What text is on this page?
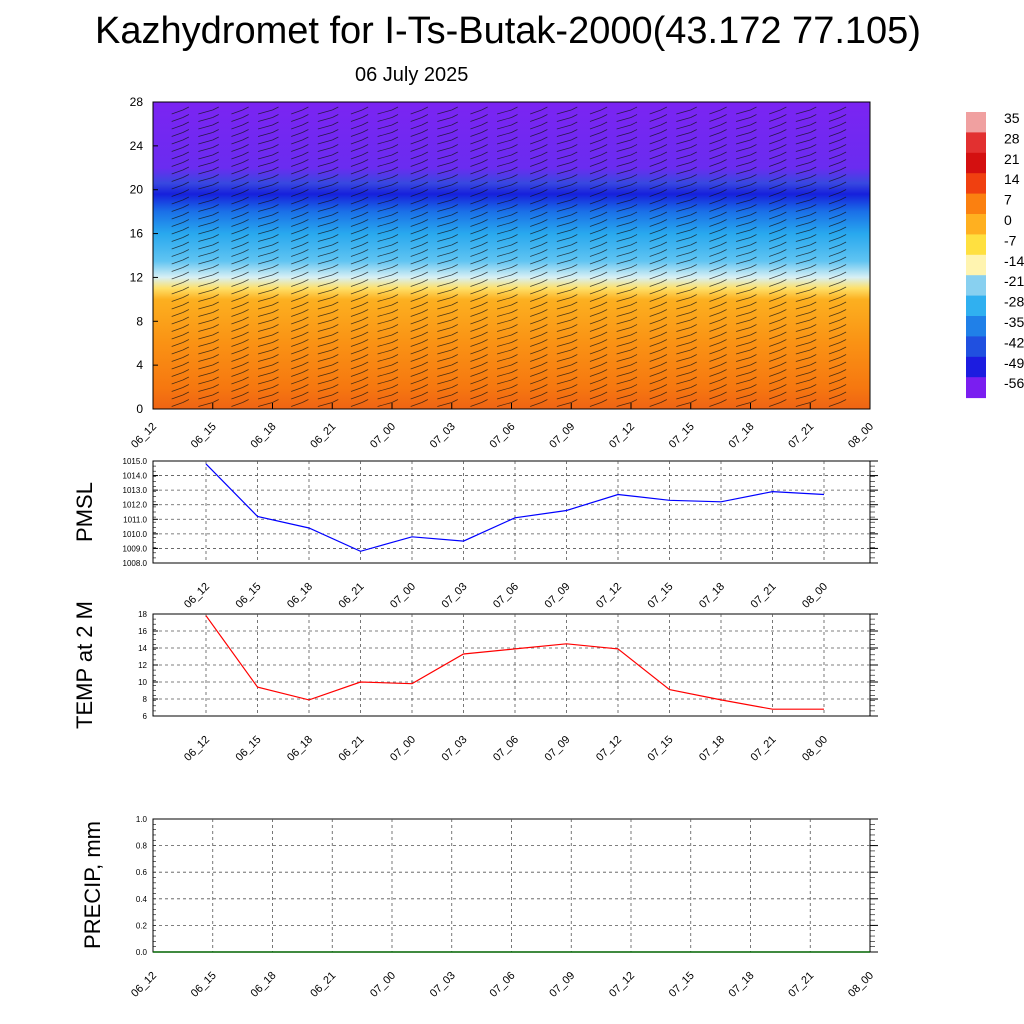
Kazhydromet for I-Ts-Butak-2000(43.172 77.105)
06 July 2025
0
4
8
12
16
20
24
28
06_12	06_15	06_18	06_21	07_00	07_03	07_06	07_09	07_12	07_15	07_18	07_21	08_00
35
28
21
14
7
0
-7
-14
-21
-28
-35
-42
-49
-56
1008.0
1009.0
1010.0
1011.0
1012.0
1013.0
1014.0
1015.0
06_12 06_15 06_18 06_21 07_00 07_03 07_06 07_09 07_12 07_15 07_18 07_21 08_00
PMSL
6
8
10
12
14
16
18
06_12 06_15 06_18 06_21 07_00 07_03 07_06 07_09 07_12 07_15 07_18 07_21 08_00
TEMP at 2 M
0.0
0.2
0.4
0.6
0.8
1.0
06_12	06_15	06_18	06_21	07_00	07_03	07_06	07_09	07_12	07_15	07_18	07_21	08_00
PRECIP, mm
